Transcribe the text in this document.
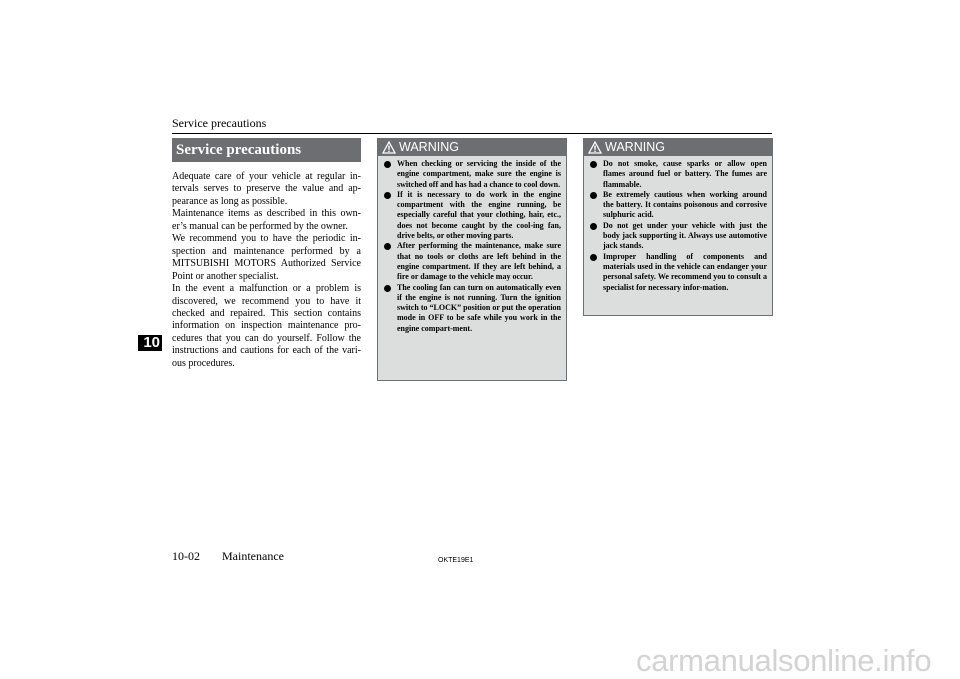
Service precautions
10
Service precautions

Adequate care of your vehicle at regular in-tervals serves to preserve the value and ap-pearance as long as possible.

Maintenance items as described in this own-er’s manual can be performed by the owner.

We recommend you to have the periodic in-spection and maintenance performed by a MITSUBISHI MOTORS Authorized Service Point or another specialist.

In the event a malfunction or a problem is discovered, we recommend you to have it checked and repaired. This section contains information on inspection maintenance pro-cedures that you can do yourself. Follow the instructions and cautions for each of the vari-ous procedures.

WARNING
When checking or servicing the inside of the engine compartment, make sure the engine is switched off and has had a chance to cool down.
If it is necessary to do work in the engine compartment with the engine running, be especially careful that your clothing, hair, etc., does not become caught by the cool-ing fan, drive belts, or other moving parts.
After performing the maintenance, make sure that no tools or cloths are left behind in the engine compartment. If they are left behind, a fire or damage to the vehicle may occur.
The cooling fan can turn on automatically even if the engine is not running. Turn the ignition switch to “LOCK” position or put the operation mode in OFF to be safe while you work in the engine compart-ment.
WARNING
Do not smoke, cause sparks or allow open flames around fuel or battery. The fumes are flammable.
Be extremely cautious when working around the battery. It contains poisonous and corrosive sulphuric acid.
Do not get under your vehicle with just the body jack supporting it. Always use automotive jack stands.
Improper handling of components and materials used in the vehicle can endanger your personal safety. We recommend you to consult a specialist for necessary infor-mation.
10-02 Maintenance	OKTE19E1
carmanualsonline.info
